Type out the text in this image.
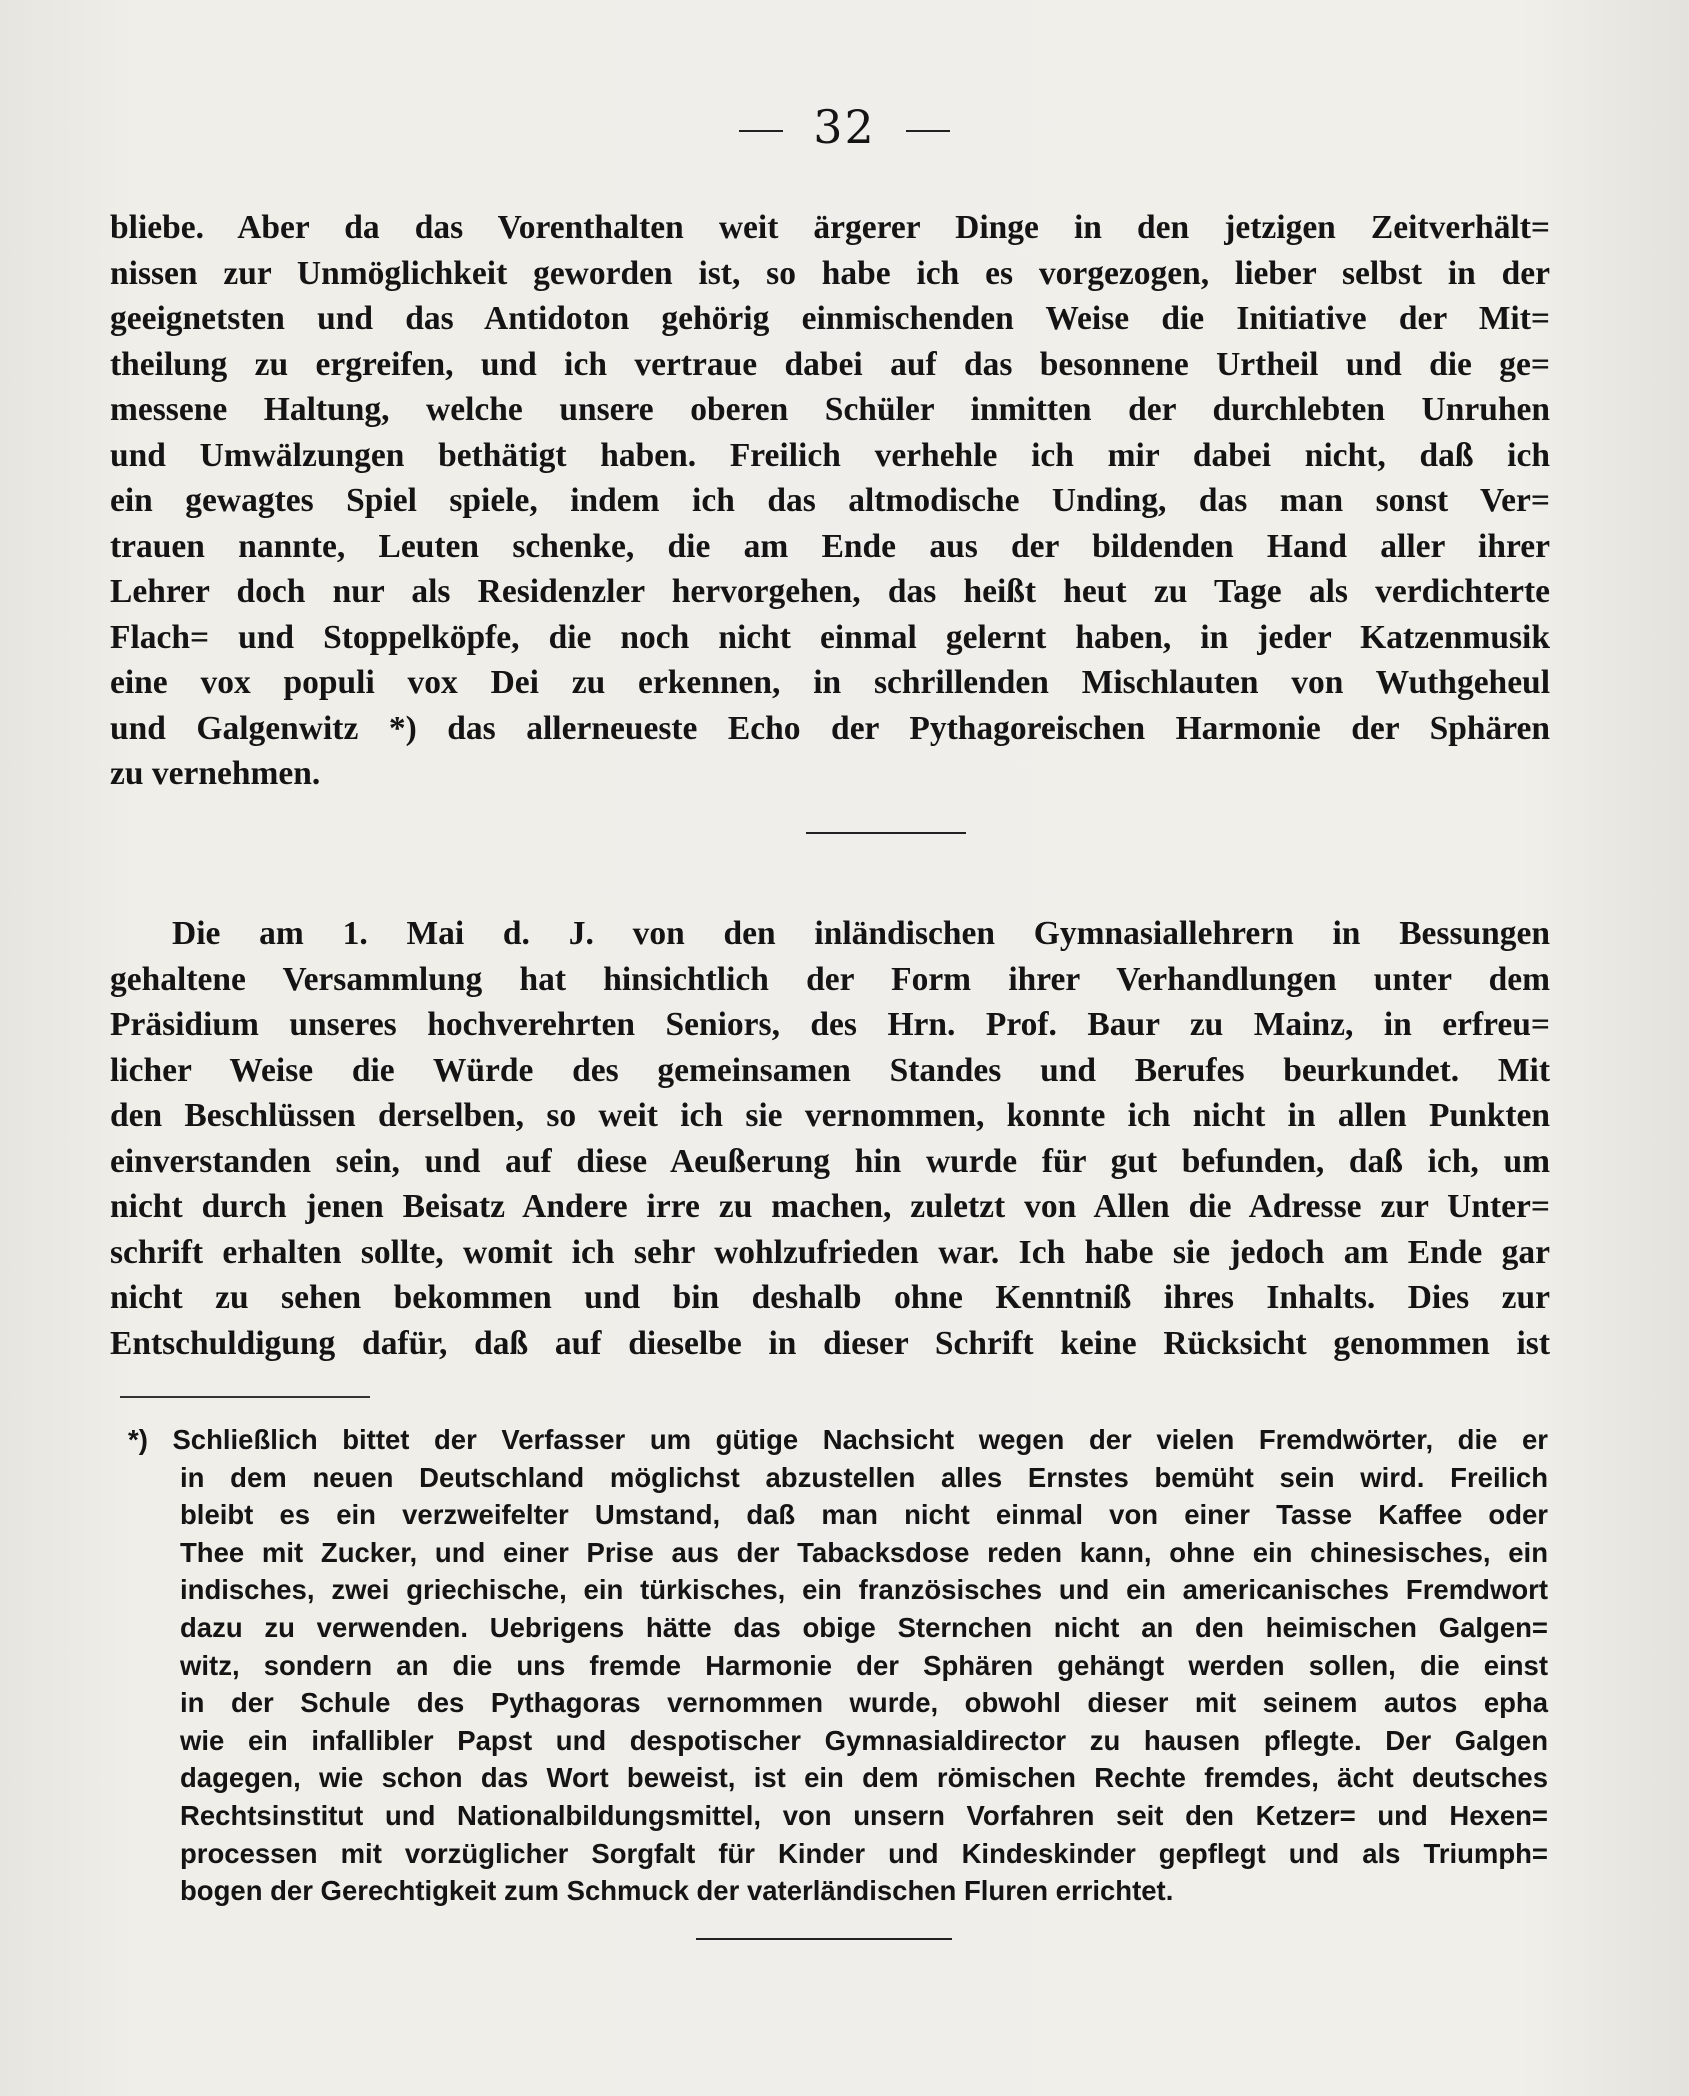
32
bliebe. Aber da das Vorenthalten weit ärgerer Dinge in den jetzigen Zeitverhält=
nissen zur Unmöglichkeit geworden ist, so habe ich es vorgezogen, lieber selbst in der
geeignetsten und das Antidoton gehörig einmischenden Weise die Initiative der Mit=
theilung zu ergreifen, und ich vertraue dabei auf das besonnene Urtheil und die ge=
messene Haltung, welche unsere oberen Schüler inmitten der durchlebten Unruhen
und Umwälzungen bethätigt haben. Freilich verhehle ich mir dabei nicht, daß ich
ein gewagtes Spiel spiele, indem ich das altmodische Unding, das man sonst Ver=
trauen nannte, Leuten schenke, die am Ende aus der bildenden Hand aller ihrer
Lehrer doch nur als Residenzler hervorgehen, das heißt heut zu Tage als verdichterte
Flach= und Stoppelköpfe, die noch nicht einmal gelernt haben, in jeder Katzenmusik
eine vox populi vox Dei zu erkennen, in schrillenden Mischlauten von Wuthgeheul
und Galgenwitz *) das allerneueste Echo der Pythagoreischen Harmonie der Sphären
zu vernehmen.
Die am 1. Mai d. J. von den inländischen Gymnasiallehrern in Bessungen
gehaltene Versammlung hat hinsichtlich der Form ihrer Verhandlungen unter dem
Präsidium unseres hochverehrten Seniors, des Hrn. Prof. Baur zu Mainz, in erfreu=
licher Weise die Würde des gemeinsamen Standes und Berufes beurkundet. Mit
den Beschlüssen derselben, so weit ich sie vernommen, konnte ich nicht in allen Punkten
einverstanden sein, und auf diese Aeußerung hin wurde für gut befunden, daß ich, um
nicht durch jenen Beisatz Andere irre zu machen, zuletzt von Allen die Adresse zur Unter=
schrift erhalten sollte, womit ich sehr wohlzufrieden war. Ich habe sie jedoch am Ende gar
nicht zu sehen bekommen und bin deshalb ohne Kenntniß ihres Inhalts. Dies zur
Entschuldigung dafür, daß auf dieselbe in dieser Schrift keine Rücksicht genommen ist
*) Schließlich bittet der Verfasser um gütige Nachsicht wegen der vielen Fremdwörter, die er
in dem neuen Deutschland möglichst abzustellen alles Ernstes bemüht sein wird. Freilich
bleibt es ein verzweifelter Umstand, daß man nicht einmal von einer Tasse Kaffee oder
Thee mit Zucker, und einer Prise aus der Tabacksdose reden kann, ohne ein chinesisches, ein
indisches, zwei griechische, ein türkisches, ein französisches und ein americanisches Fremdwort
dazu zu verwenden. Uebrigens hätte das obige Sternchen nicht an den heimischen Galgen=
witz, sondern an die uns fremde Harmonie der Sphären gehängt werden sollen, die einst
in der Schule des Pythagoras vernommen wurde, obwohl dieser mit seinem autos epha
wie ein infallibler Papst und despotischer Gymnasialdirector zu hausen pflegte. Der Galgen
dagegen, wie schon das Wort beweist, ist ein dem römischen Rechte fremdes, ächt deutsches
Rechtsinstitut und Nationalbildungsmittel, von unsern Vorfahren seit den Ketzer= und Hexen=
processen mit vorzüglicher Sorgfalt für Kinder und Kindeskinder gepflegt und als Triumph=
bogen der Gerechtigkeit zum Schmuck der vaterländischen Fluren errichtet.
